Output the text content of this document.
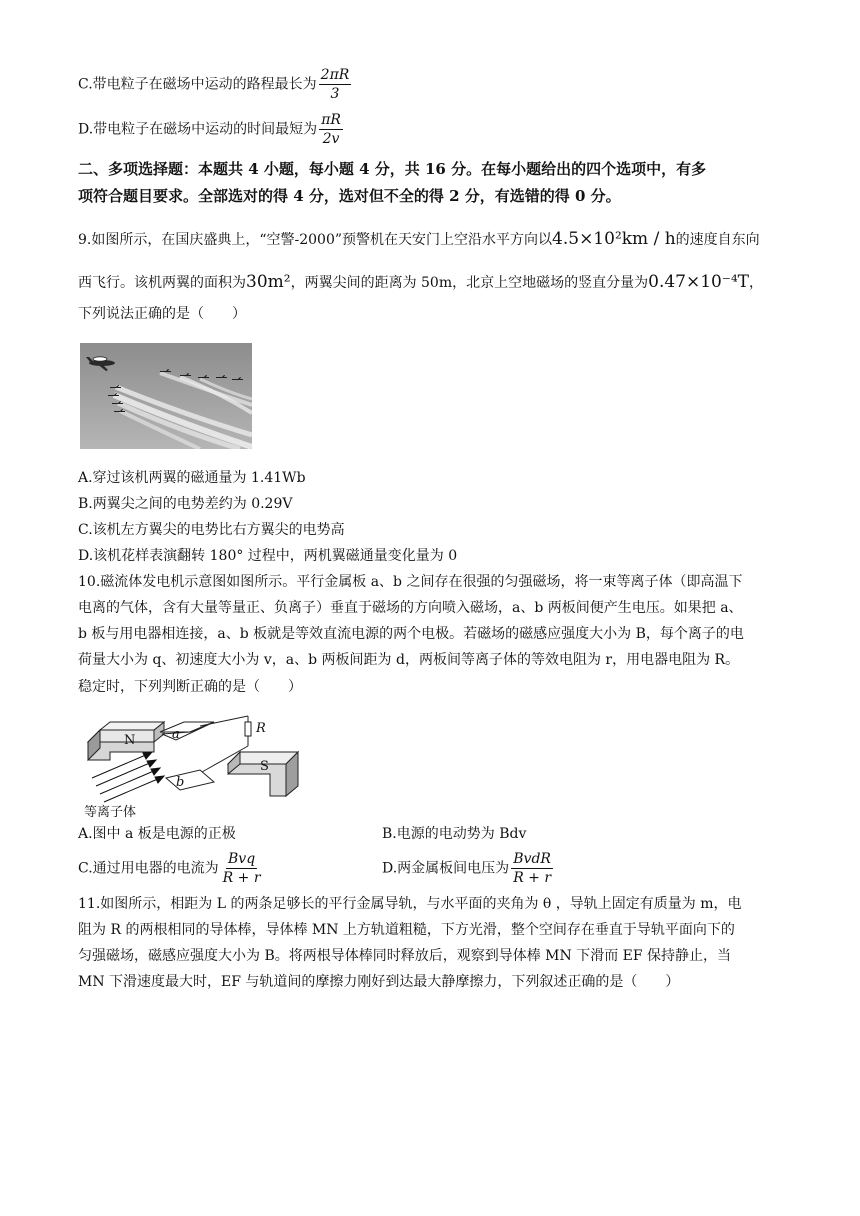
C.带电粒子在磁场中运动的路程最长为 $\frac{2\pi R}{3}$
D.带电粒子在磁场中运动的时间最短为 $\frac{\pi R}{2v}$
二、多项选择题：本题共 4 小题，每小题 4 分，共 16 分。在每小题给出的四个选项中，有多
项符合题目要求。全部选对的得 4 分，选对但不全的得 2 分，有选错的得 0 分。
9.如图所示，在国庆盛典上，“空警-2000”预警机在天安门上空沿水平方向以4.5×10²km / h的速度自东向
西飞行。该机两翼的面积为30m²，两翼尖间的距离为 50m，北京上空地磁场的竖直分量为0.47×10⁻⁴T，
下列说法正确的是（　　）
A.穿过该机两翼的磁通量为 1.41Wb
B.两翼尖之间的电势差约为 0.29V
C.该机左方翼尖的电势比右方翼尖的电势高
D.该机花样表演翻转 180° 过程中，两机翼磁通量变化量为 0
10.磁流体发电机示意图如图所示。平行金属板 a、b 之间存在很强的匀强磁场，将一束等离子体（即高温下
电离的气体，含有大量等量正、负离子）垂直于磁场的方向喷入磁场，a、b 两板间便产生电压。如果把 a、
b 板与用电器相连接，a、b 板就是等效直流电源的两个电极。若磁场的磁感应强度大小为 B，每个离子的电
荷量大小为 q、初速度大小为 v，a、b 两板间距为 d，两板间等离子体的等效电阻为 r，用电器电阻为 R。
稳定时，下列判断正确的是（　　）
N	a	R
b
S
等离子体
A.图中 a 板是电源的正极	B.电源的电动势为 Bdv
C.通过用电器的电流为 $\frac{\text{Bvq}}{R + r}$	D.两金属板间电压为 $\frac{\text{BvdR}}{R + r}$
11.如图所示，相距为 L 的两条足够长的平行金属导轨，与水平面的夹角为 θ ，导轨上固定有质量为 m，电
阻为 R 的两根相同的导体棒，导体棒 MN 上方轨道粗糙，下方光滑，整个空间存在垂直于导轨平面向下的
匀强磁场，磁感应强度大小为 B。将两根导体棒同时释放后，观察到导体棒 MN 下滑而 EF 保持静止，当
MN 下滑速度最大时，EF 与轨道间的摩擦力刚好到达最大静摩擦力，下列叙述正确的是（　　）
